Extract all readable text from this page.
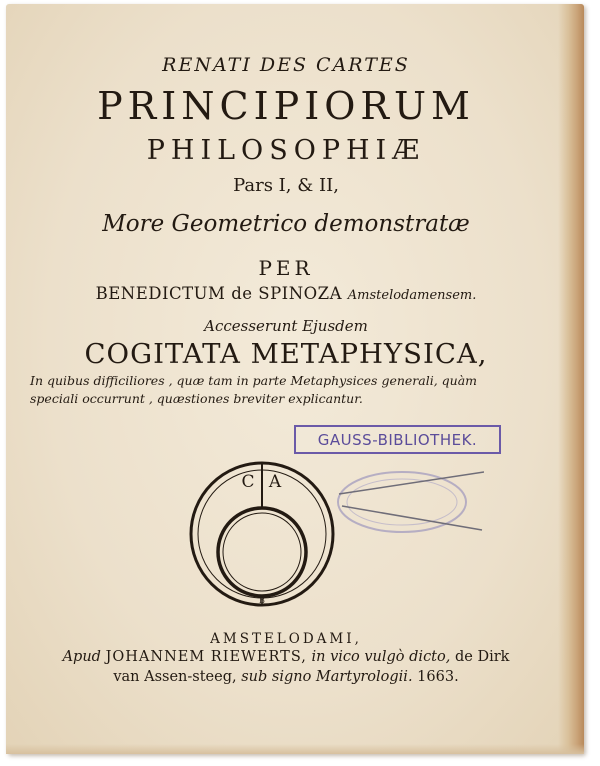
RENATI DES CARTES
PRINCIPIORUM
PHILOSOPHIÆ
Pars I, & II,
More Geometrico demonstratæ
PER
BENEDICTUM de SPINOZA Amstelodamensem.
Accesserunt Ejusdem
COGITATA METAPHYSICA,
In quibus difficiliores , quæ tam in parte Metaphysices generali, quàm
speciali occurrunt , quæstiones breviter explicantur.
GAUSS-BIBLIOTHEK.
C A
B
AMSTELODAMI,
Apud JOHANNEM RIEWERTS, in vico vulgò dicto, de Dirk
van Assen-steeg, sub signo Martyrologii. 1663.
